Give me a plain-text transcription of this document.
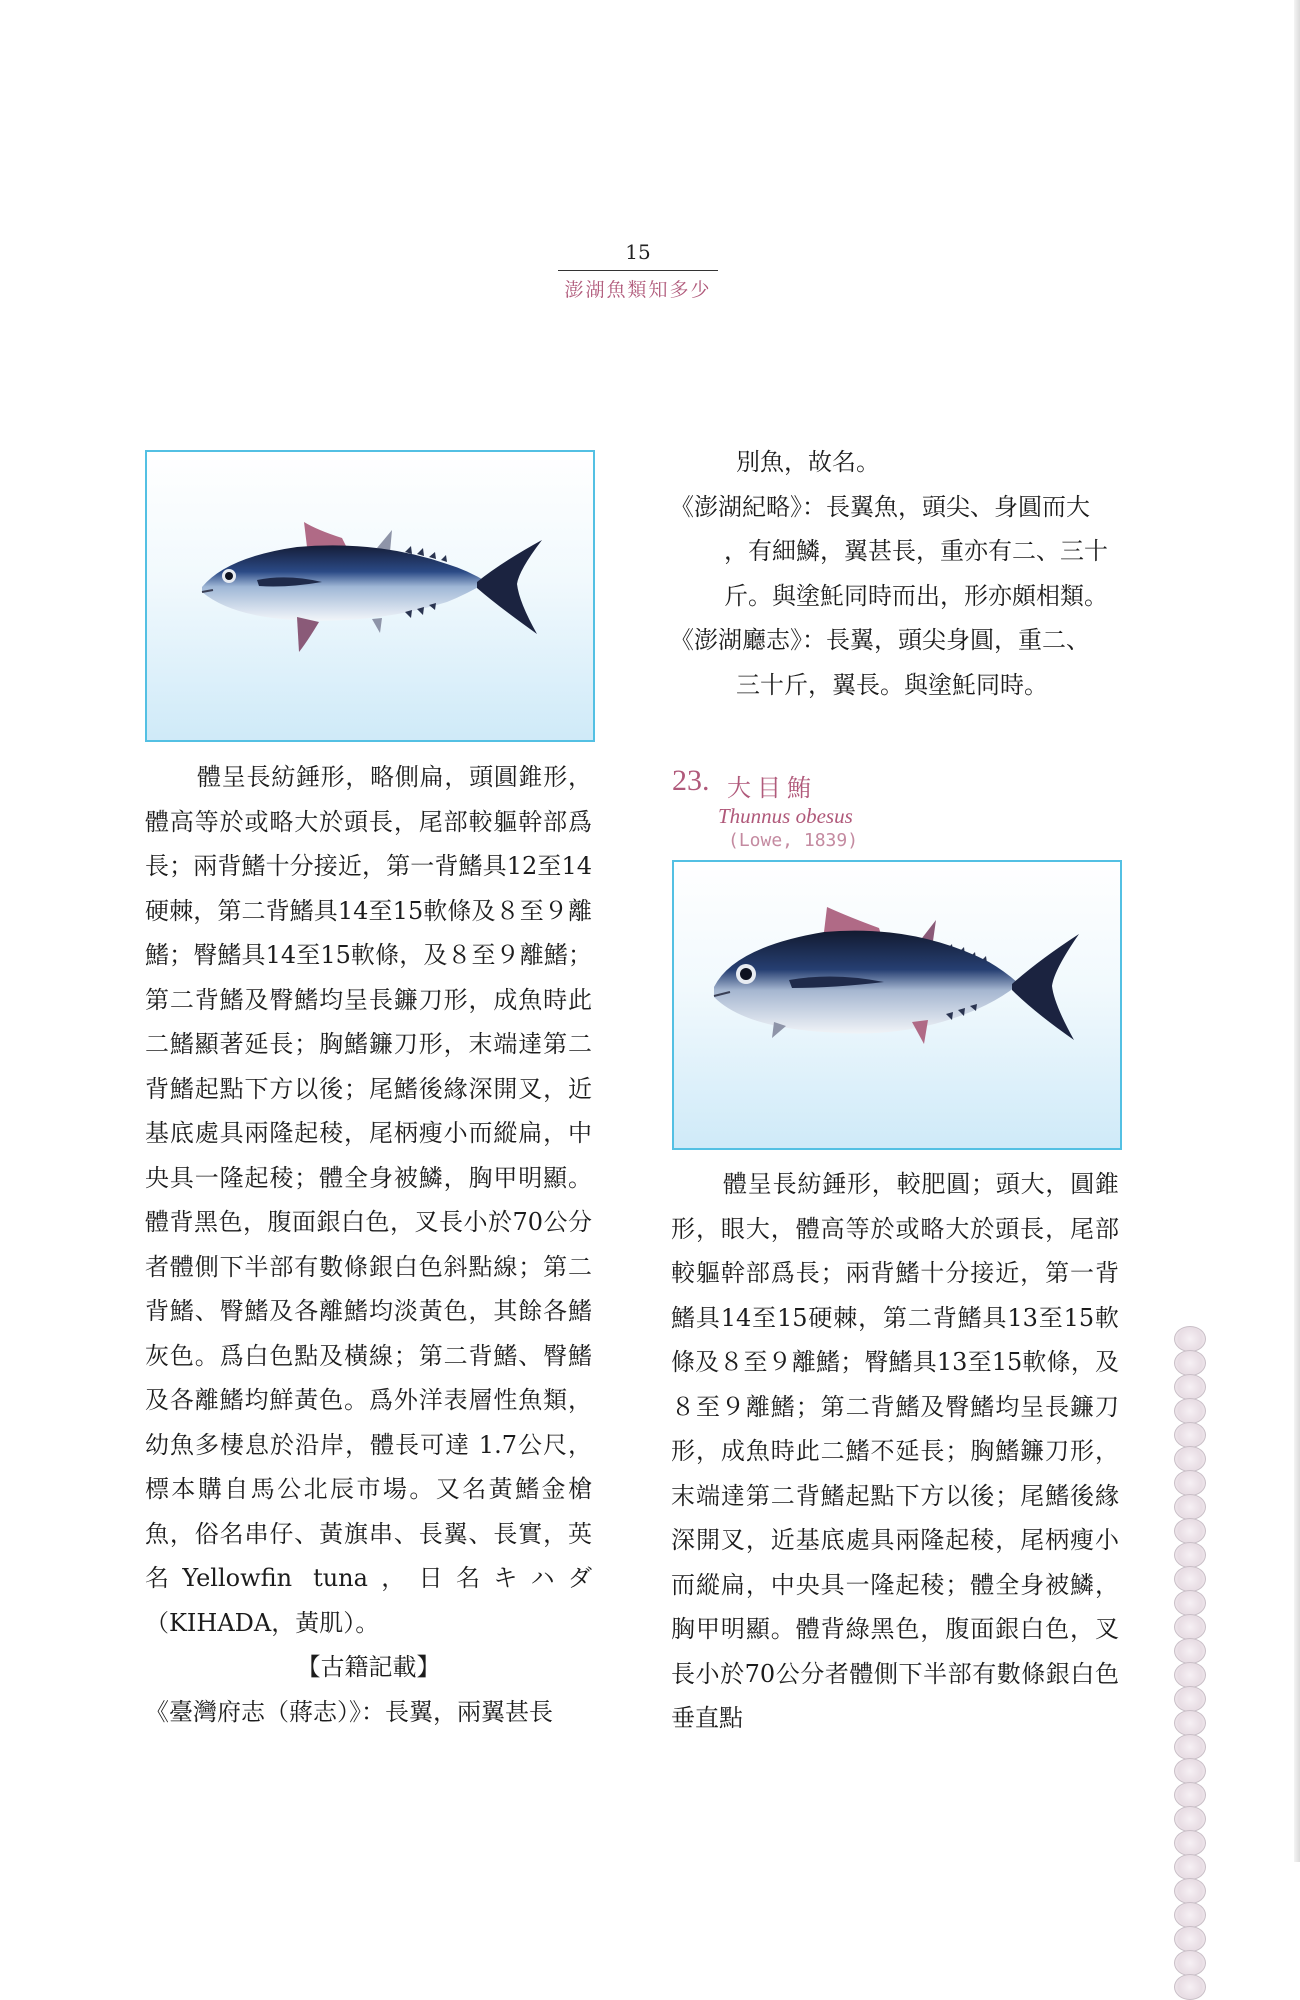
15
澎湖魚類知多少

體呈長紡錘形，略側扁，頭圓錐形，體高等於或略大於頭長，尾部較軀幹部爲長；兩背鰭十分接近，第一背鰭具12至14硬棘，第二背鰭具14至15軟條及８至９離鰭；臀鰭具14至15軟條，及８至９離鰭；第二背鰭及臀鰭均呈長鐮刀形，成魚時此二鰭顯著延長；胸鰭鐮刀形，末端達第二背鰭起點下方以後；尾鰭後緣深開叉，近基底處具兩隆起稜，尾柄瘦小而縱扁，中央具一隆起稜；體全身被鱗，胸甲明顯。體背黑色，腹面銀白色，叉長小於70公分者體側下半部有數條銀白色斜點線；第二背鰭、臀鰭及各離鰭均淡黃色，其餘各鰭灰色。爲白色點及橫線；第二背鰭、臀鰭及各離鰭均鮮黃色。爲外洋表層性魚類，幼魚多棲息於沿岸，體長可達 1.7公尺，標本購自馬公北辰市場。又名黃鰭金槍魚，俗名串仔、黃旗串、長翼、長實，英名Yellowfin tuna，日名キハダ（KIHADA，黃肌）。

【古籍記載】

《臺灣府志（蔣志）》：長翼，兩翼甚長

別魚，故名。

《澎湖紀略》：長翼魚，頭尖、身圓而大

，有細鱗，翼甚長，重亦有二、三十

斤。與塗魠同時而出，形亦頗相類。

《澎湖廳志》：長翼，頭尖身圓，重二、

三十斤，翼長。與塗魠同時。

23. 大目鮪
Thunnus obesus
(Lowe, 1839)

體呈長紡錘形，較肥圓；頭大，圓錐形，眼大，體高等於或略大於頭長，尾部較軀幹部爲長；兩背鰭十分接近，第一背鰭具14至15硬棘，第二背鰭具13至15軟條及８至９離鰭；臀鰭具13至15軟條，及８至９離鰭；第二背鰭及臀鰭均呈長鐮刀形，成魚時此二鰭不延長；胸鰭鐮刀形，末端達第二背鰭起點下方以後；尾鰭後緣深開叉，近基底處具兩隆起稜，尾柄瘦小而縱扁，中央具一隆起稜；體全身被鱗，胸甲明顯。體背綠黑色，腹面銀白色，叉長小於70公分者體側下半部有數條銀白色垂直點
